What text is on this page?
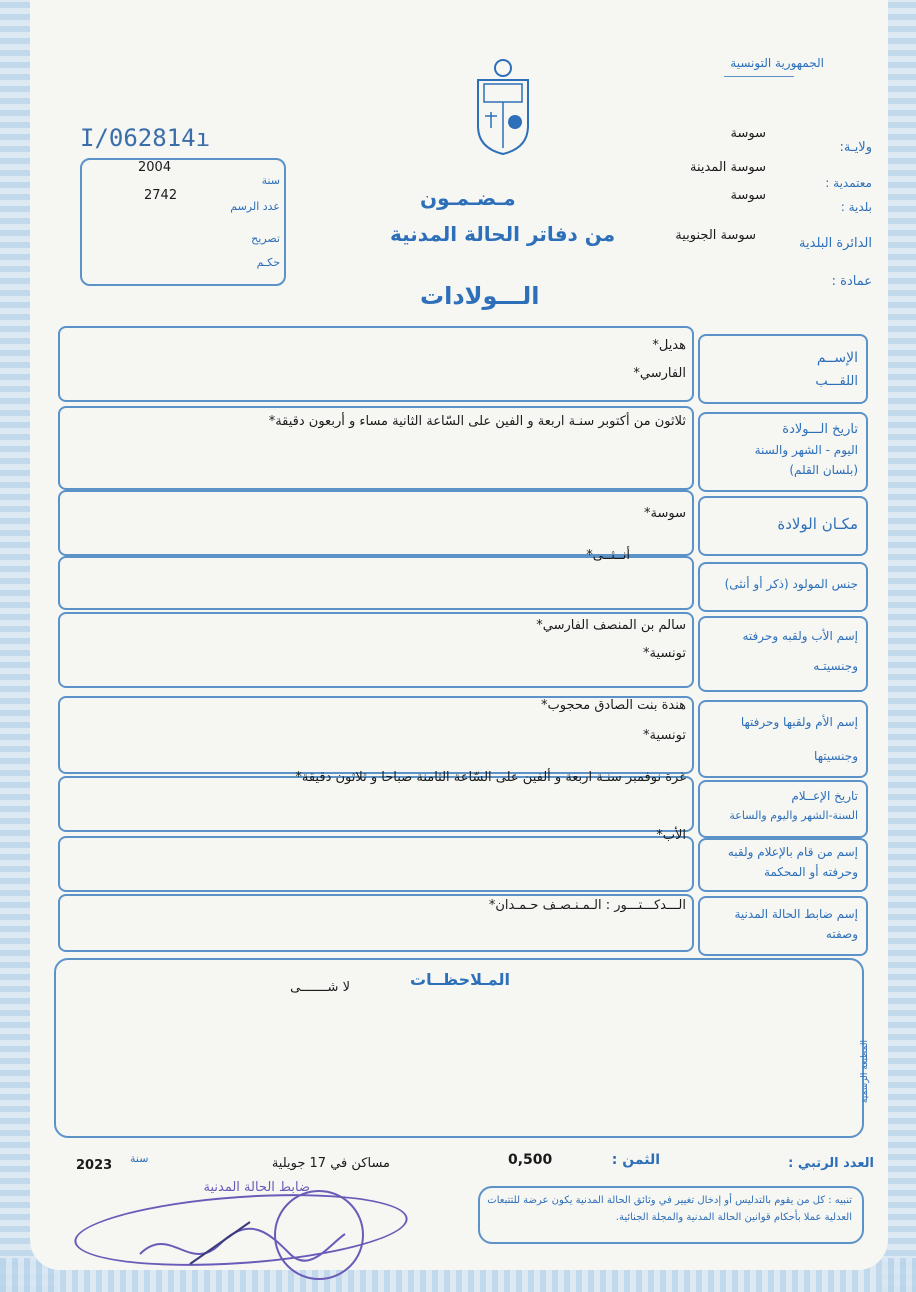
الجمهورية التونسية
I/062814ı
2004
2742
سنة
عدد الرسم
تصريح
حكـم
ولايـة:
سوسة
معتمدية :
سوسة المدينة
بلدية :
سوسة
الدائرة البلدية
سوسة الجنوبية
عمادة :
مـضـمـون
من دفاتر الحالة المدنية
الـــولادات
الإســم
اللقـــب
هديل*
الفارسي*
تاريخ الـــولادة
اليوم - الشهر والسنة
(بلسان القلم)
ثلاثون من أكتوبر سنـة اربعة و الفين على السّاعة الثانية مساء و أربعون دقيقة*
مكـان الولادة
سوسة*
جنس المولود (ذكر أو أنثى)
أنــثــى*
إسم الأب ولقبه وحرفته
وجنسيتـه
سالم بن المنصف الفارسي*
تونسية*
إسم الأم ولقبها وحرفتها
وجنسيتها
هندة بنت الصادق محجوب*
تونسية*
تاريخ الإعــلام
السنة-الشهر واليوم والساعة
غرة نوفمبر سنـة اربعة و ألفين على السّاعة الثامنة صباحا و ثلاثون دقيقة*
إسم من قام بالإعلام ولقبه
وحرفته أو المحكمة
الأب*
إسم ضابط الحالة المدنية
وصفته
الـــدكـــتـــور : الـمـنـصـف حـمـدان*
المـلاحظــات
لا شـــــــى
المطبعة الرسمية
العدد الرتبي :
الثمن :
0,500
مساكن في 17 جويلية
سنة
2023
ضابط الحالة المدنية
تنبيه : كل من يقوم بالتدليس أو إدخال تغيير في وثائق الحالة المدنية يكون عرضة للتتبعات العدلية عملا بأحكام قوانين الحالة المدنية والمجلة الجنائية.
